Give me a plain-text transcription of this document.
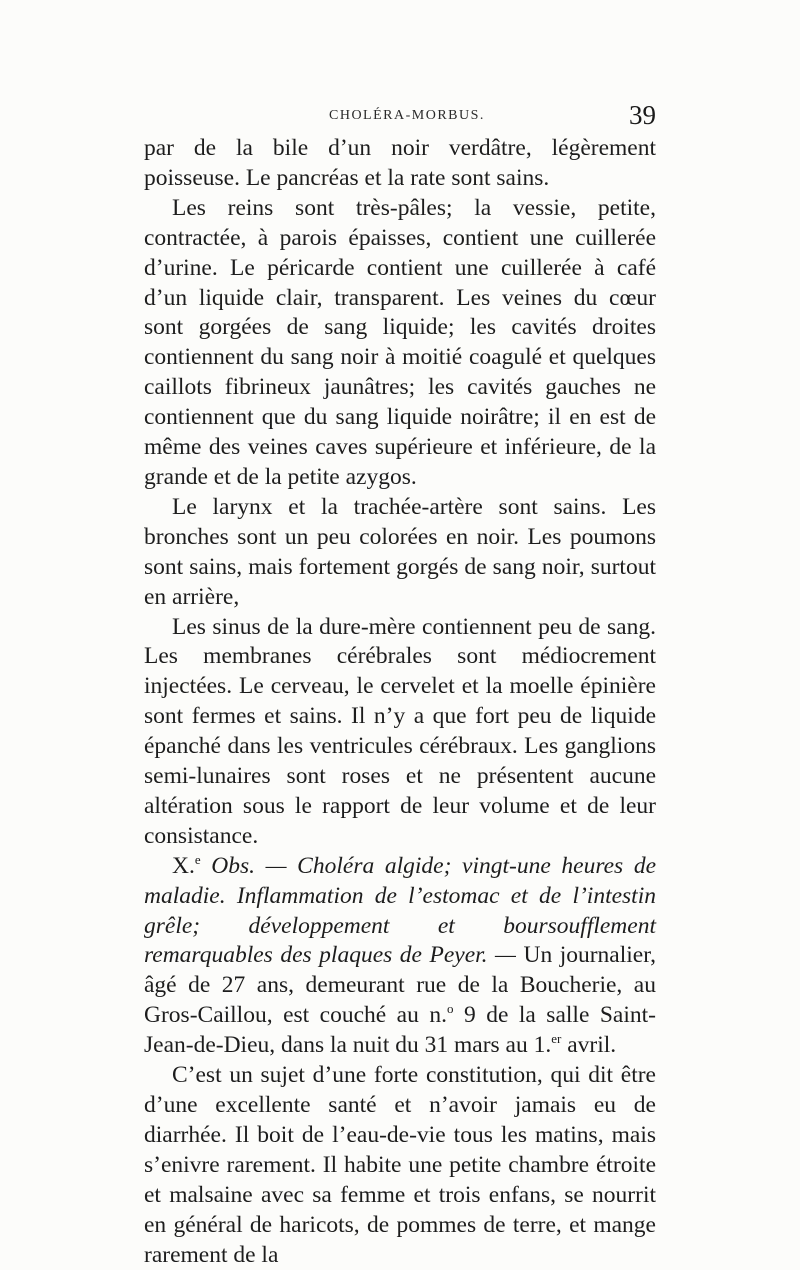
CHOLÉRA-MORBUS.	39

par de la bile d’un noir verdâtre, légèrement poisseuse. Le pancréas et la rate sont sains.

Les reins sont très-pâles; la vessie, petite, contractée, à parois épaisses, contient une cuillerée d’urine. Le péricarde contient une cuillerée à café d’un liquide clair, transparent. Les veines du cœur sont gorgées de sang liquide; les cavités droites contiennent du sang noir à moitié coagulé et quelques caillots fibrineux jaunâtres; les cavités gauches ne contiennent que du sang liquide noirâtre; il en est de même des veines caves supérieure et inférieure, de la grande et de la petite azygos.

Le larynx et la trachée-artère sont sains. Les bronches sont un peu colorées en noir. Les poumons sont sains, mais fortement gorgés de sang noir, surtout en arrière,

Les sinus de la dure-mère contiennent peu de sang. Les membranes cérébrales sont médiocrement injectées. Le cerveau, le cervelet et la moelle épinière sont fermes et sains. Il n’y a que fort peu de liquide épanché dans les ventricules cérébraux. Les ganglions semi-lunaires sont roses et ne présentent aucune altération sous le rapport de leur volume et de leur consistance.

X.$^e$ Obs. — Choléra algide; vingt-une heures de maladie. Inflammation de l’estomac et de l’intestin grêle; développement et boursoufflement remarquables des plaques de Peyer. — Un journalier, âgé de 27 ans, demeurant rue de la Boucherie, au Gros-Caillou, est couché au n.$^o$ 9 de la salle Saint-Jean-de-Dieu, dans la nuit du 31 mars au 1.$^{er}$ avril.

C’est un sujet d’une forte constitution, qui dit être d’une excellente santé et n’avoir jamais eu de diarrhée. Il boit de l’eau-de-vie tous les matins, mais s’enivre rarement. Il habite une petite chambre étroite et malsaine avec sa femme et trois enfans, se nourrit en général de haricots, de pommes de terre, et mange rarement de la
